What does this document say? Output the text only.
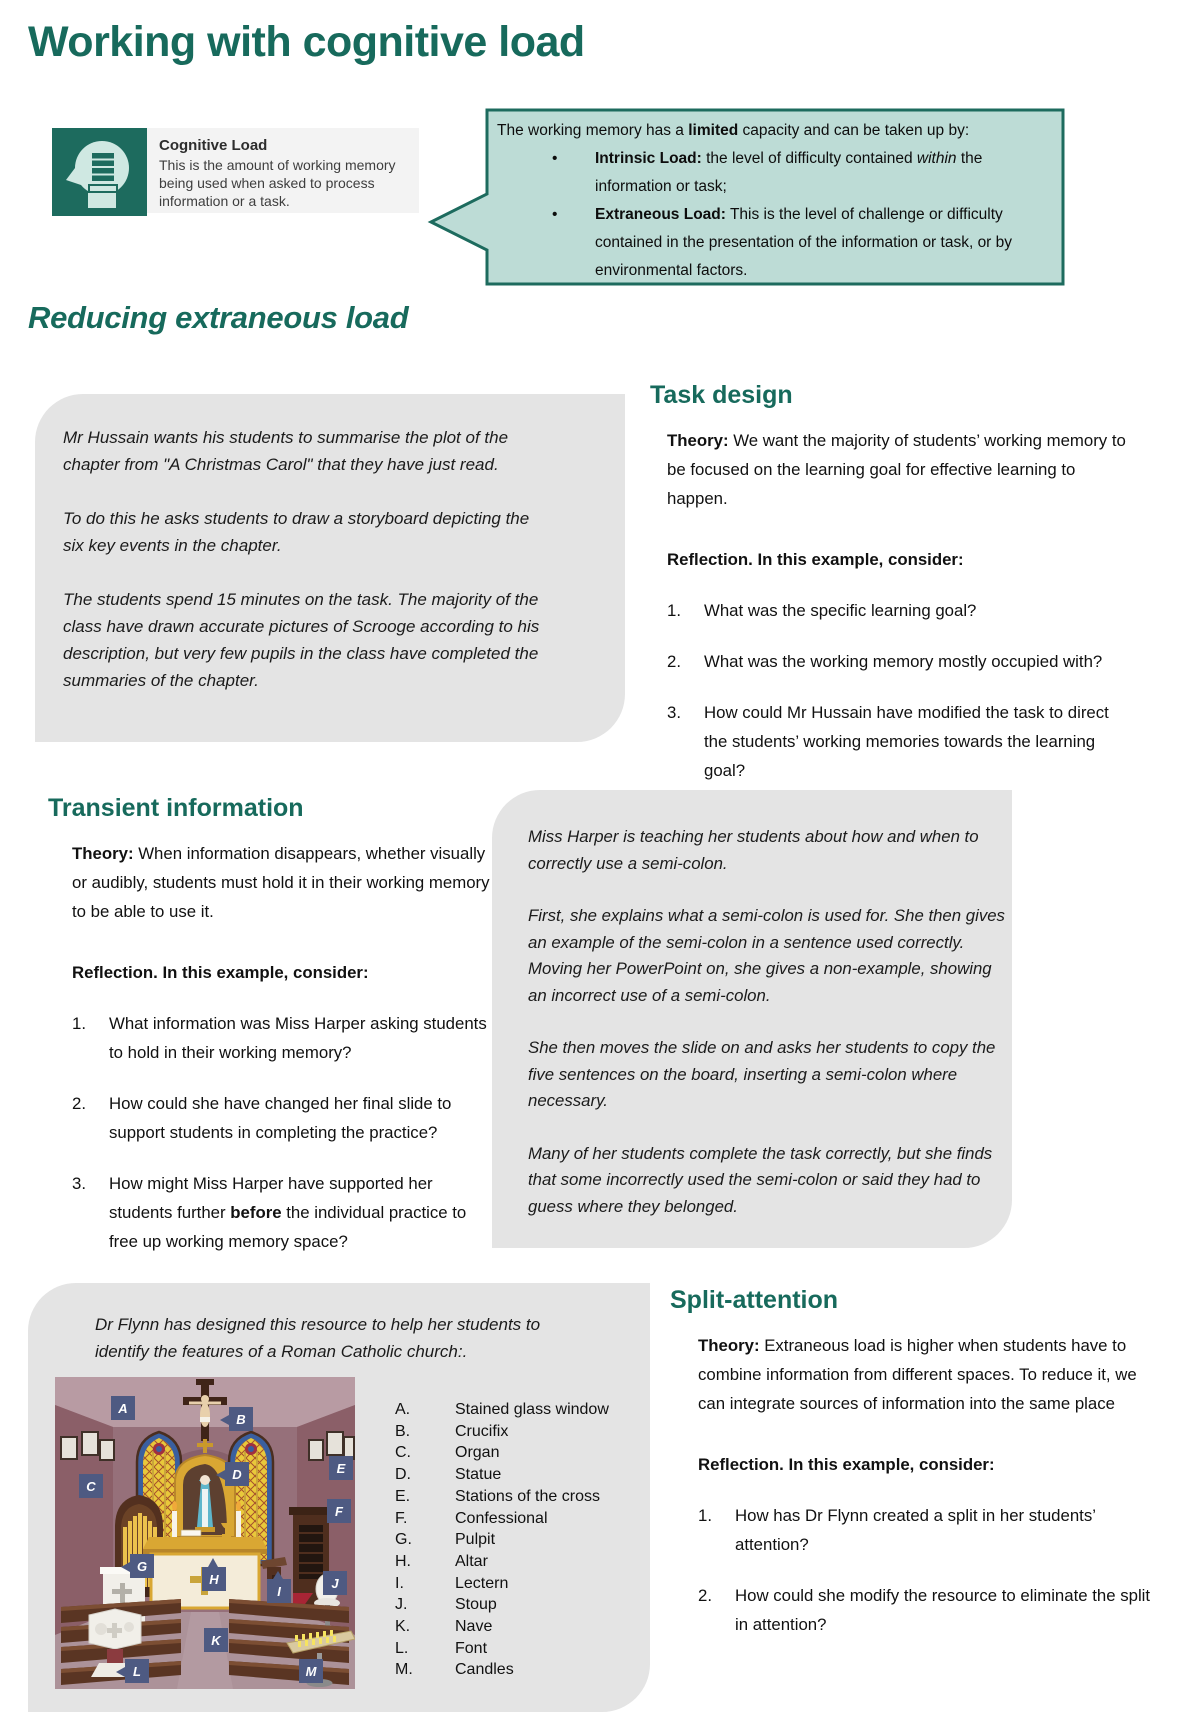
Working with cognitive load
Cognitive Load
This is the amount of working memory being used when asked to process information or a task.
The working memory has a limited capacity and can be taken up by:
•	Intrinsic Load: the level of difficulty contained within the information or task;
•	Extraneous Load: This is the level of challenge or difficulty contained in the presentation of the information or task, or by environmental factors.
Reducing extraneous load

Mr Hussain wants his students to summarise the plot of the chapter from "A Christmas Carol" that they have just read.

To do this he asks students to draw a storyboard depicting the six key events in the chapter.

The students spend 15 minutes on the task. The majority of the class have drawn accurate pictures of Scrooge according to his description, but very few pupils in the class have completed the summaries of the chapter.

Task design
Theory: We want the majority of students’ working memory to be focused on the learning goal for effective learning to happen.
Reflection. In this example, consider:
1.	What was the specific learning goal?
2.	What was the working memory mostly occupied with?
3.	How could Mr Hussain have modified the task to direct the students’ working memories towards the learning goal?
Transient information
Theory: When information disappears, whether visually or audibly, students must hold it in their working memory to be able to use it.
Reflection. In this example, consider:
1.	What information was Miss Harper asking students to hold in their working memory?
2.	How could she have changed her final slide to support students in completing the practice?
3.	How might Miss Harper have supported her students further before the individual practice to free up working memory space?

Miss Harper is teaching her students about how and when to correctly use a semi-colon.

First, she explains what a semi-colon is used for. She then gives an example of the semi-colon in a sentence used correctly. Moving her PowerPoint on, she gives a non-example, showing an incorrect use of a semi-colon.

She then moves the slide on and asks her students to copy the five sentences on the board, inserting a semi-colon where necessary.

Many of her students complete the task correctly, but she finds that some incorrectly used the semi-colon or said they had to guess where they belonged.

Dr Flynn has designed this resource to help her students to identify the features of a Roman Catholic church:.
A
B
C
D	E
F
G
H
I
J
K
L	M
A.	Stained glass window
B.	Crucifix
C.	Organ
D.	Statue
E.	Stations of the cross
F.	Confessional
G.	Pulpit
H.	Altar
I.	Lectern
J.	Stoup
K.	Nave
L.	Font
M.	Candles
Split-attention
Theory: Extraneous load is higher when students have to combine information from different spaces. To reduce it, we can integrate sources of information into the same place
Reflection. In this example, consider:
1.	How has Dr Flynn created a split in her students’ attention?
2.	How could she modify the resource to eliminate the split in attention?
